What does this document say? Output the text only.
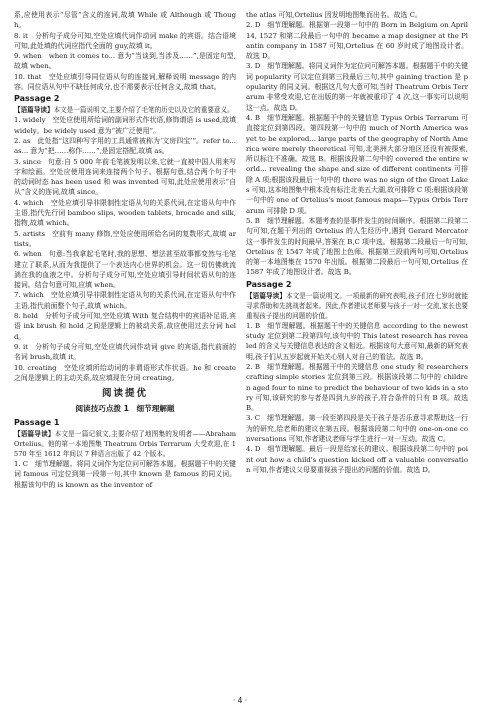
系,应使用表示“尽管”含义的连词,故填 While 或 Although 或 Though。

8. it　分析句子成分可知,空处应填代词作动词 make 的宾语。结合语境可知,此处填的代词应指代全面的 guy,故填 it。

9. when　when it comes to... 意为“当谈到,当涉及……”,是固定句型,故填 when。

10. that　空处应填引导同位语从句的连接词,解释说明 message 的内容。同位语从句中不缺任何成分,也不需要表示任何含义,故填 that。

Passage 2

【语篇导读】本文是一篇说明文,主要介绍了毛笔的历史以及它的重要意义。

1. widely　空处应使用所给词的副词形式作状语,修饰谓语 is used,故填 widely。be widely used 意为“被广泛使用”。

2. as　此处指“这四种写字用的工具通常被称为‘文房四宝’”。refer to... as... 意为“把……称作……”,是固定搭配,故填 as。

3. since　句意:自 5 000 年前毛笔被发明以来,它就一直被中国人用来写字和绘画。空处应使用连词来连接两个句子。根据句意,结合两个句子中的动词时态 has been used 和 was invented 可知,此处应使用表示“自从”含义的连词,故填 since。

4. which　空处应填引导非限制性定语从句的关系代词,在定语从句中作主语,指代先行词 bamboo slips, wooden tablets, brocade and silk, 指物,故填 which。

5. artists　空前有 many 修饰,空处应使用所给名词的复数形式,故填 artists。

6. when　句意:当我拿起毛笔时,我的思想、想法甚至故事都变然与毛笔建立了联系,从而为我提供了一个表达内心世界的机会。这一切仿佛就流淌在我的血液之中。分析句子成分可知,空处应填引导时间状语从句的连接词。结合句意可知,应填 when。

7. which　空处应填引导非限制性定语从句的关系代词,在定语从句中作主语,指代前面整个句子,故填 which。

8. held　分析句子成分可知,空处应填 With 复合结构中的宾语补足语,宾语 ink brush 和 hold 之间是逻辑上的被动关系,故应使用过去分词 held。

9. it　分析句子成分可知,空处应填代词作动词 give 的宾语,指代前面的名词 brush,故填 it。

10. creating　空处应填所给动词的非谓语形式作状语。he 和 create 之间是逻辑上的主动关系,故应填现在分词 creating。

阅读提优
阅读技巧点拨 1　细节理解题
Passage 1

【语篇导读】本文是一篇记叙文,主要介绍了地图集的发明者——Abraham Ortelius。他的第一本地图集 Theatrum Orbis Terrarum 大受欢迎,在 1570 年至 1612 年间以 7 种语言出版了 42 个版本。

1. C　细节理解题。将同义词作为定位问可解答本题。根据题干中的关键词 famous 可定位到第一段第一句,其中 known 是 famous 的同义词。根据该句中的 is known as the inventor of

the atlas 可知,Ortelius 因发明地图集而出名。故选 C。

2. D　细节理解题。根据第一段第一句中的 Born in Belgium on April 14, 1527 和第二段最后一句中的 became a map designer at the Plantin company in 1587 可知,Ortelius 在 60 岁时成了地图设计者。故选 D。

3. D　细节理解题。将同义词作为定位问可解答本题。根据题干中的关键词 popularity 可以定位到第三段最后三句,其中 gaining traction 是 popularity 的同义词。根据这几句大意可知,当时 Theatrum Orbis Terrarum 非常受欢迎,它在出版的第一年就被重印了 4 次,这一事实可以说明这一点。故选 D。

4. B　细节理解题。根据题干中的关键信息 Typus Orbis Terrarum 可直接定位到第四段。第四段第一句中的 much of North America was yet to be explored... large parts of the geography of North America were merely theoretical 可知,北美洲大部分地区还没有被探索,所以标注不准确。故选 B。根据该段第二句中的 covered the entire world... revealing the shape and size of different continents 可排除 A 项;根据该段最后一句中的 there was no sign of the Great Lakes 可知,这本地图集中根本没有标注北美五大湖,故可排除 C 项;根据该段第一句中的 one of Ortelius's most famous maps—Typus Orbis Terrarum 可排除 D 项。

5. B　细节理解题。本题考查的是事件发生的时间顺序。根据第二段第二句可知,在题干列出的 Ortelius 的人生经历中,遇到 Gerard Mercator 这一事件发生的时间最早,答案在 B,C 项中选。根据第二段最后一句可知,Ortelius 在 1547 年成了地图上色师。根据第三段前两句可知,Ortelius 的第一本地图集在 1570 年出版。根据第二段最后一句可知,Ortelius 在 1587 年成了地图设计者。故选 B。

Passage 2

【语篇导读】本文是一篇说明文。一项最新的研究表明,孩子们在七岁时就能寻求帮助和先挑战者起来。因此,作者建议老师要与孩子一对一交流,家长也要重视孩子提出的问题的价值。

1. B　细节理解题。根据题干中的关键信息 according to the newest study 定位到第二段第四句,该句中的 This latest research has revealed 的含义与关键信息表达的含义相近。根据该句大意可知,最新的研究表明,孩子们从五岁起就开始关心别人对自己的看法。故选 B。

2. B　细节理解题。根据题干中的关键信息 one study 和 researchers crafting simple stories 定位到第三段。根据该段第二句中的 children aged four to nine to predict the behaviour of two kids in a story 可知,该研究的参与者是四到九岁的孩子,符合条件的只有 B 项。故选 B。

3. C　细节理解题。第一段至第四段是关于孩子是否乐意寻求帮助这一行为的研究,给老师的建议在第五段。根据该段第二句中的 one-on-one conversations 可知,作者建议老师与学生进行一对一互动。故选 C。

4. D　细节理解题。最后一段是给家长的建议。根据该段第二句中的 point out how a child's question kicked off a valuable conversation 可知,作者建议父母要重视孩子提出的问题的价值。故选 D。

· 4 ·
